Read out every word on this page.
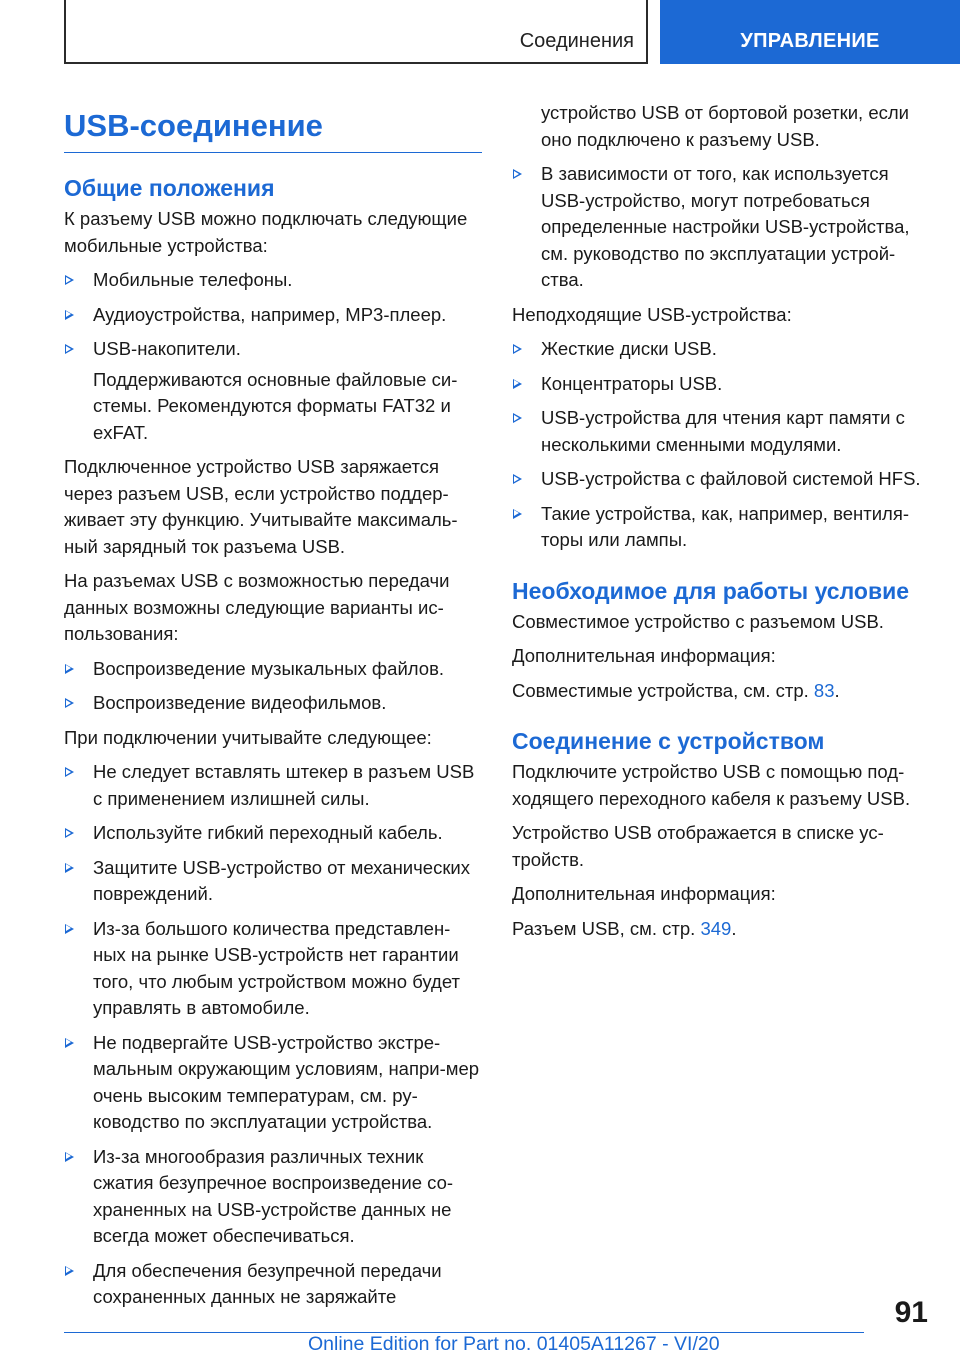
Соединения	УПРАВЛЕНИЕ
USB-соединение
Общие положения

К разъему USB можно подключать следующие мобильные устройства:

Мобильные телефоны.
Аудиоустройства, например, MP3-плеер.
USB-накопители.

Поддерживаются основные файловые си-стемы. Рекомендуются форматы FAT32 и exFAT.

Подключенное устройство USB заряжается через разъем USB, если устройство поддер-живает эту функцию. Учитывайте максималь-ный зарядный ток разъема USB.

На разъемах USB с возможностью передачи данных возможны следующие варианты ис-пользования:

Воспроизведение музыкальных файлов.
Воспроизведение видеофильмов.

При подключении учитывайте следующее:

Не следует вставлять штекер в разъем USB с применением излишней силы.
Используйте гибкий переходный кабель.
Защитите USB-устройство от механических повреждений.
Из-за большого количества представлен-ных на рынке USB-устройств нет гарантии того, что любым устройством можно будет управлять в автомобиле.
Не подвергайте USB-устройство экстре-мальным окружающим условиям, напри-мер очень высоким температурам, см. ру-ководство по эксплуатации устройства.
Из-за многообразия различных техник сжатия безупречное воспроизведение со-храненных на USB-устройстве данных не всегда может обеспечиваться.
Для обеспечения безупречной передачи сохраненных данных не заряжайте

устройство USB от бортовой розетки, если оно подключено к разъему USB.

В зависимости от того, как используется USB-устройство, могут потребоваться определенные настройки USB-устройства, см. руководство по эксплуатации устрой-ства.

Неподходящие USB-устройства:

Жесткие диски USB.
Концентраторы USB.
USB-устройства для чтения карт памяти с несколькими сменными модулями.
USB-устройства с файловой системой HFS.
Такие устройства, как, например, вентиля-торы или лампы.
Необходимое для работы условие

Совместимое устройство с разъемом USB.

Дополнительная информация:

Совместимые устройства, см. стр. 83.

Соединение с устройством

Подключите устройство USB с помощью под-ходящего переходного кабеля к разъему USB.

Устройство USB отображается в списке ус-тройств.

Дополнительная информация:

Разъем USB, см. стр. 349.

91
Online Edition for Part no. 01405A11267 - VI/20
